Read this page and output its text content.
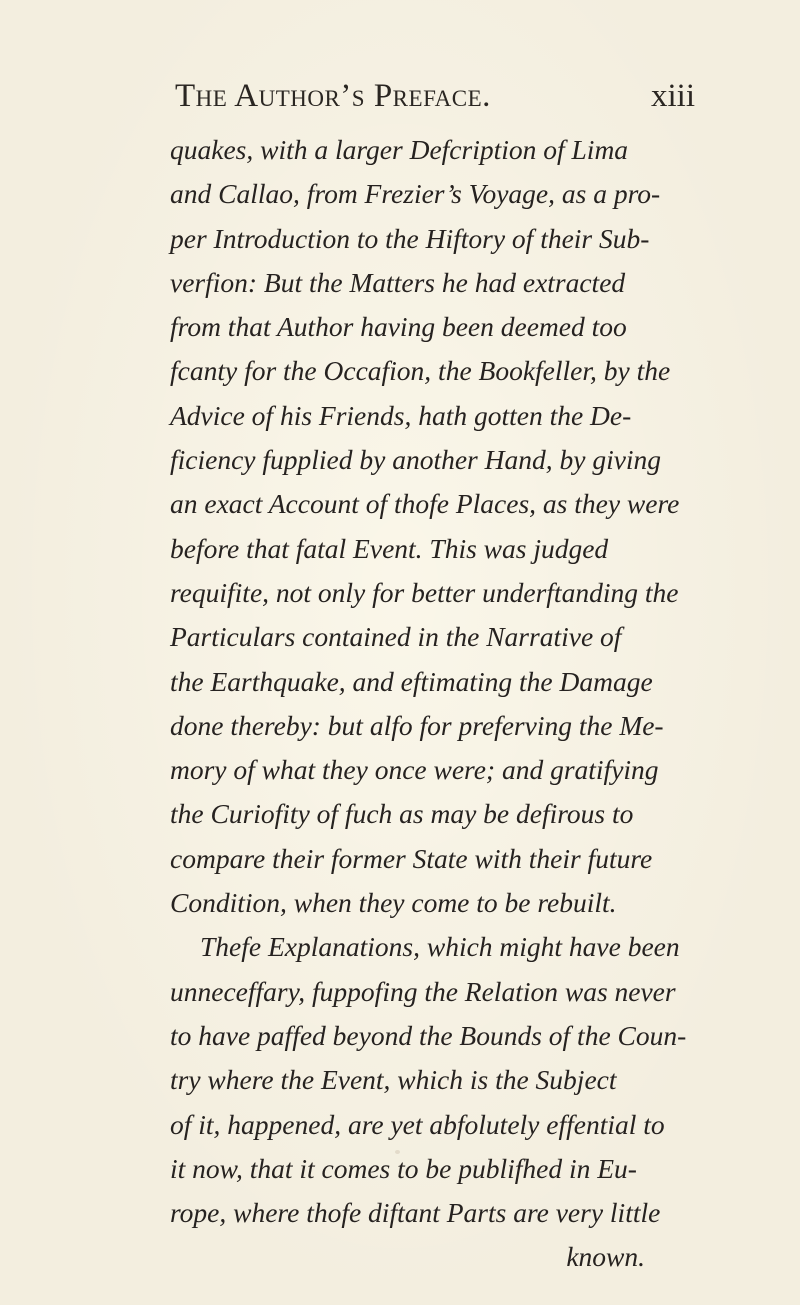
The Author’s Preface.	xiii
quakes, with a larger Defcription of Lima
and Callao, from Frezier’s Voyage, as a pro-
per Introduction to the Hiftory of their Sub-
verfion: But the Matters he had extracted
from that Author having been deemed too
fcanty for the Occafion, the Bookfeller, by the
Advice of his Friends, hath gotten the De-
ficiency fupplied by another Hand, by giving
an exact Account of thofe Places, as they were
before that fatal Event. This was judged
requifite, not only for better underftanding the
Particulars contained in the Narrative of
the Earthquake, and eftimating the Damage
done thereby: but alfo for preferving the Me-
mory of what they once were; and gratifying
the Curiofity of fuch as may be defirous to
compare their former State with their future
Condition, when they come to be rebuilt.
Thefe Explanations, which might have been
unneceffary, fuppofing the Relation was never
to have paffed beyond the Bounds of the Coun-
try where the Event, which is the Subject
of it, happened, are yet abfolutely effential to
it now, that it comes to be publifhed in Eu-
rope, where thofe diftant Parts are very little
known.
